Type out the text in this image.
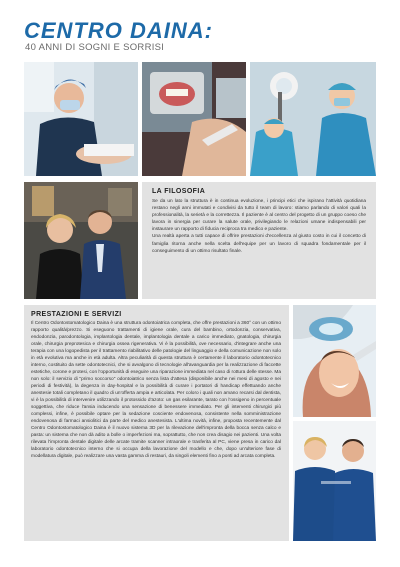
CENTRO DAINA:
40 ANNI DI SOGNI E SORRISI
LA FILOSOFIA

Se da un lato la struttura è in continua evoluzione, i principi etici che ispirano l'attività quotidiana restano negli anni immutati e condivisi da tutto il team di lavoro: stiamo parlando di valori quali la professionalità, la serietà e la correttezza. Il paziente è al centro del progetto di un gruppo coeso che lavora in sinergia per curare la salute orale, privilegiando le relazioni umane indispensabili per instaurare un rapporto di fiducia reciproca tra medico e paziente.

Una realtà aperta a tutti capace di offrire prestazioni d'eccellenza al giusto costo in cui il concetto di famiglia ritorna anche nella scelta dell'equipe per un lavoro di squadra fondamentale per il conseguimento di un ottimo risultato finale.

PRESTAZIONI E SERVIZI

Il Centro Odontostomatologico Daina è una struttura odontoiatrica completa, che offre prestazioni a 360° con un ottimo rapporto qualità/prezzo. Si eseguono trattamenti di igiene orale, cura del bambino, ortodonzia, conservativa, endodonzia, parodontologia, implantologia dentale, implantologia dentale a carico immediato, gnatologia, chirurgia orale, chirurgia preprotesica e chirurgia ossea rigenerativa. Vi è la possibilità, ove necessario, d'integrare anche una terapia con una logopedista per il trattamento riabilitativo delle patologie del linguaggio e della comunicazione non solo in età evolutiva ma anche in età adulta. Altra peculiarità di questa struttura è certamente il laboratorio odontotecnico interno, costituito da sette odontotecnici, che si avvalgono di tecnologie all'avanguardia per la realizzazione di faccette estetiche, corone e protesi, con l'opportunità di eseguire una riparazione immediata nel caso di rottura delle stesse. Ma non solo: il servizio di "primo soccorso" odontoiatrico senza lista d'attesa (disponibile anche nei mesi di agosto e nei periodi di festività), la degenza in day-hospital e la possibilità di curare i portatori di handicap effettuando anche anestesie totali completano il quadro di un'offerta ampia e articolata. Per coloro i quali non amano recarsi dal dentista, vi è la possibilità di intervenire utilizzando il protossido d'azoto: un gas esilarante, tarato con l'ossigeno in percentuale soggettiva, che riduce l'ansia inducendo una sensazione di benessere immediato. Per gli interventi chirurgici più complessi, infine, è possibile optare per la sedazione cosciente endovenosa, consistente nella somministrazione endovenosa di farmaci ansiolitici da parte del medico anestesista. L'ultima novità, infine, proposta recentemente dal Centro Odontostomatologico Daina è il nuovo sistema 3D per la rilevazione dell'impronta della bocca senza calco e pasta: un sistema che non dà adito a bolle o imperfezioni ma, soprattutto, che non crea disagio nei pazienti. Una volta rilevata l'impronta dentale digitale delle arcate tramite scanner intraorale e trasferita al PC, viene presa in carico dal laboratorio odontotecnico interno che si occupa della lavorazione del modello e che, dopo un'ulteriore fase di modellatura digitale, può realizzare una vasta gamma di restauri, da singoli elementi fino a ponti ad arcata completa.
